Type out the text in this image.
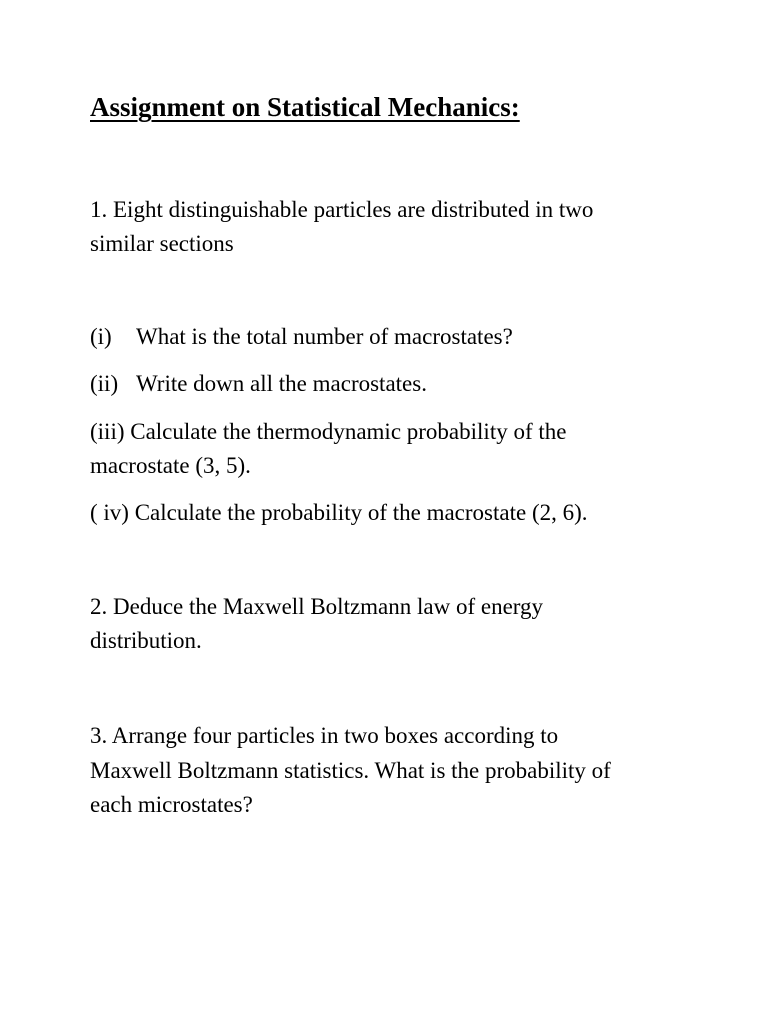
Assignment on Statistical Mechanics:

1. Eight distinguishable particles are distributed in two

similar sections

(i) What is the total number of macrostates?

(ii) Write down all the macrostates.

(iii) Calculate the thermodynamic probability of the

macrostate (3, 5).

( iv) Calculate the probability of the macrostate (2, 6).

2. Deduce the Maxwell Boltzmann law of energy

distribution.

3. Arrange four particles in two boxes according to

Maxwell Boltzmann statistics. What is the probability of

each microstates?
